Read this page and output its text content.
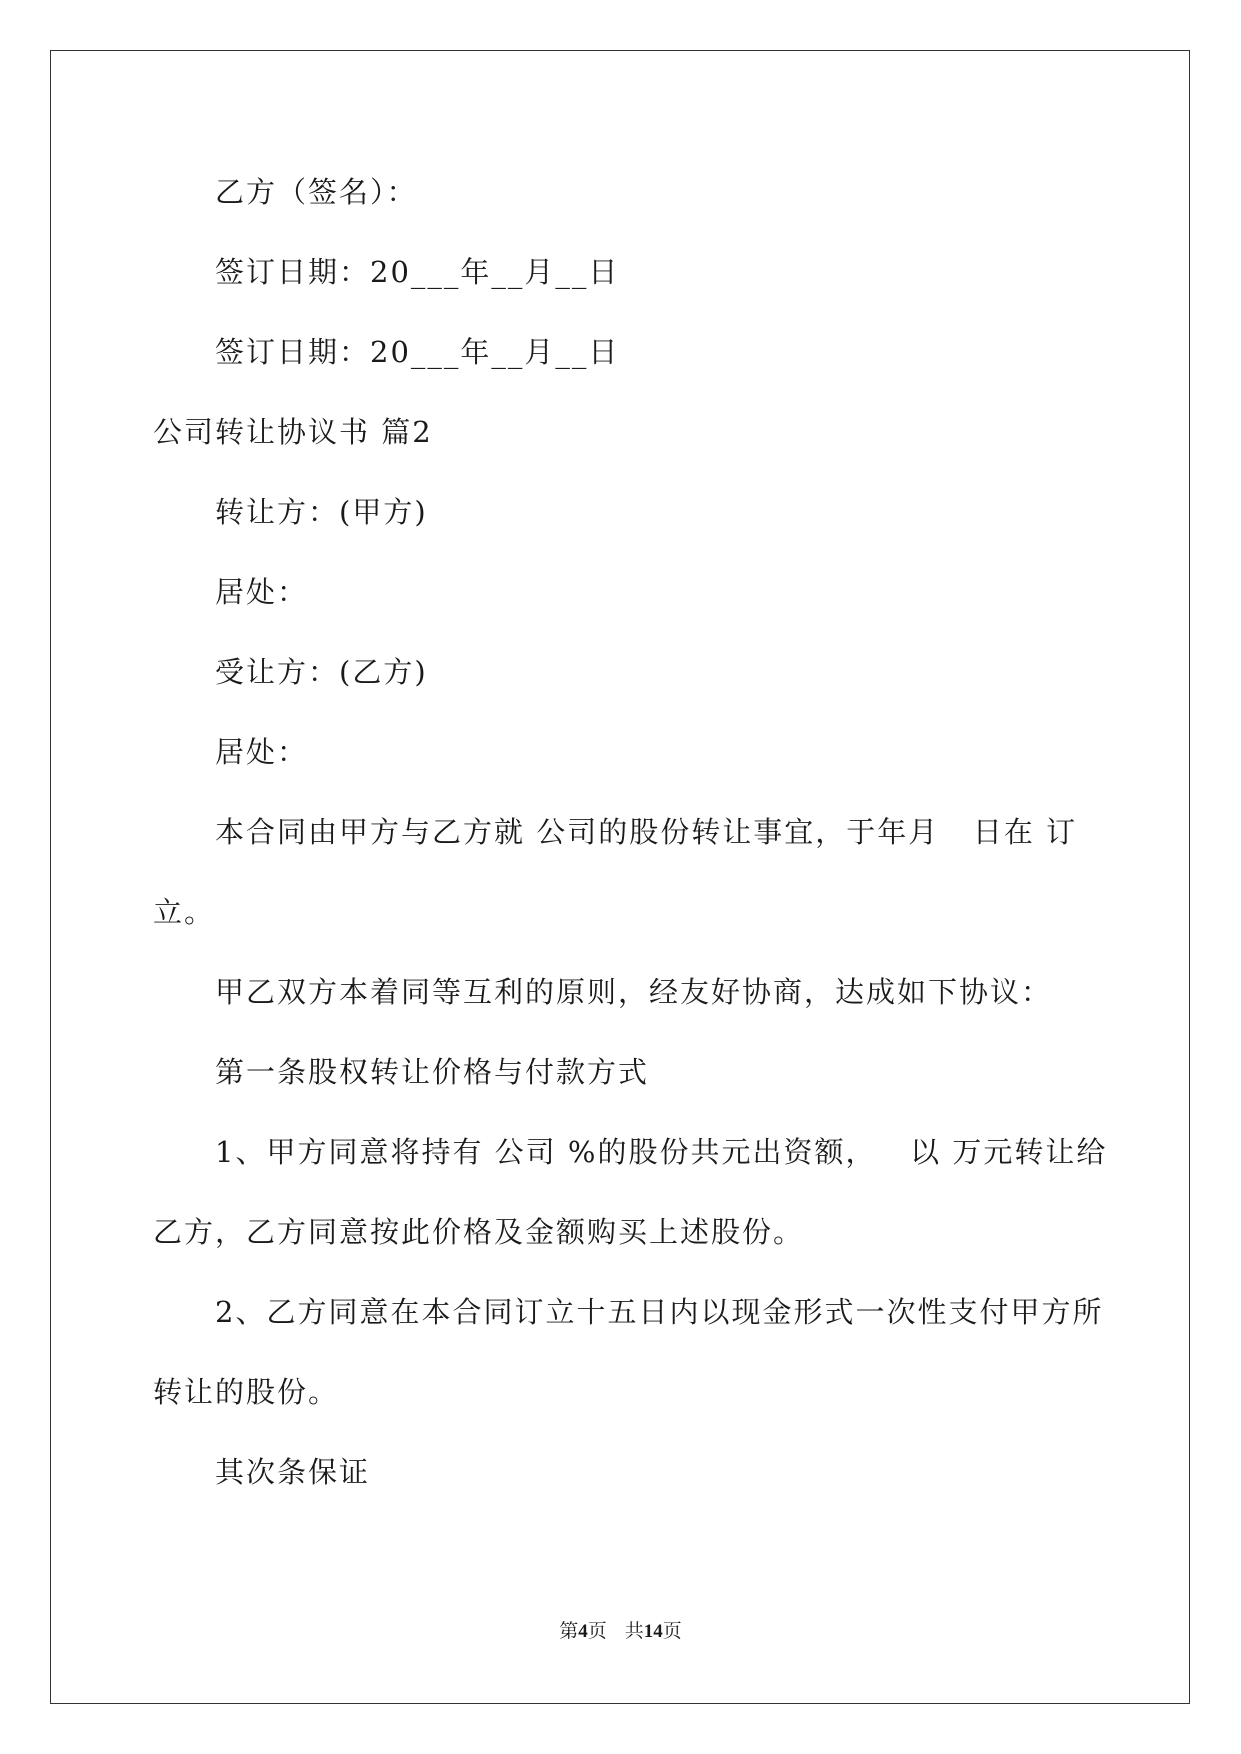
乙方（签名）：
签订日期：20___年__月__日
签订日期：20___年__月__日
公司转让协议书 篇2
转让方：(甲方)
居处：
受让方：(乙方)
居处：
本合同由甲方与乙方就 公司的股份转让事宜，于年月   日在 订
立。
甲乙双方本着同等互利的原则，经友好协商，达成如下协议：
第一条股权转让价格与付款方式
1、甲方同意将持有 公司 %的股份共元出资额，   以 万元转让给
乙方，乙方同意按此价格及金额购买上述股份。
2、乙方同意在本合同订立十五日内以现金形式一次性支付甲方所
转让的股份。
其次条保证
第4页 共14页
